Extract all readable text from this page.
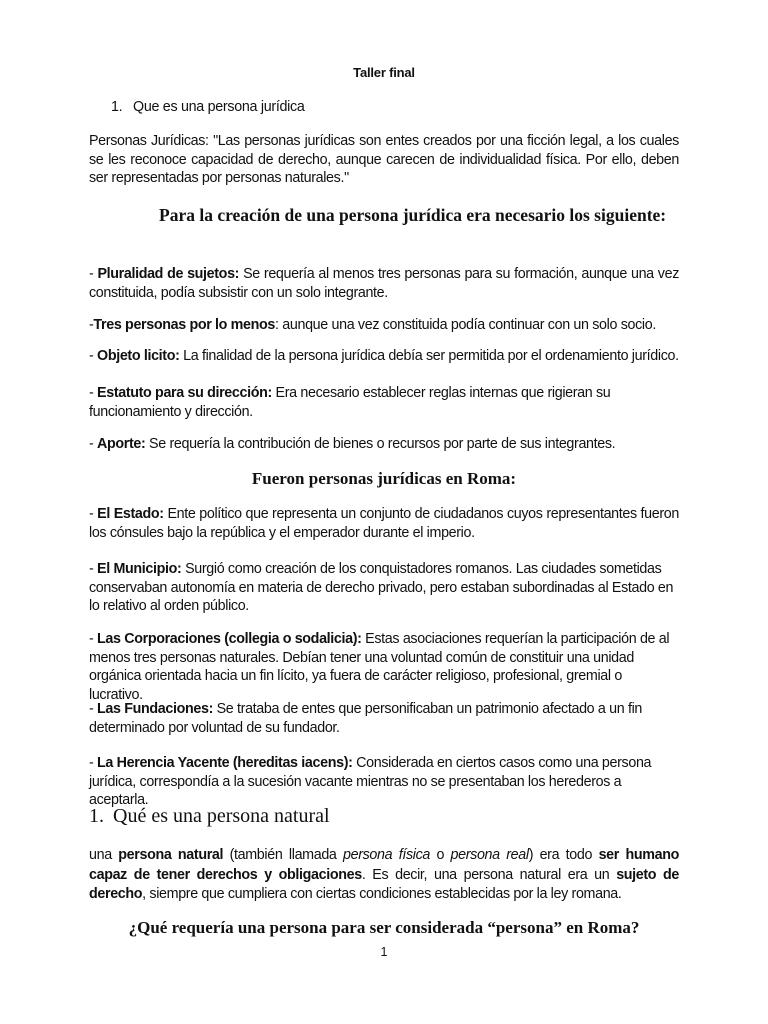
Taller final
1. Que es una persona jurídica
Personas Jurídicas: "Las personas jurídicas son entes creados por una ficción legal, a los cuales se les reconoce capacidad de derecho, aunque carecen de individualidad física. Por ello, deben ser representadas por personas naturales."
Para la creación de una persona jurídica era necesario los siguiente:
- Pluralidad de sujetos: Se requería al menos tres personas para su formación, aunque una vez constituida, podía subsistir con un solo integrante.
-Tres personas por lo menos: aunque una vez constituida podía continuar con un solo socio.
- Objeto licito: La finalidad de la persona jurídica debía ser permitida por el ordenamiento jurídico.
- Estatuto para su dirección: Era necesario establecer reglas internas que rigieran su funcionamiento y dirección.
- Aporte: Se requería la contribución de bienes o recursos por parte de sus integrantes.
Fueron personas jurídicas en Roma:
- El Estado: Ente político que representa un conjunto de ciudadanos cuyos representantes fueron los cónsules bajo la república y el emperador durante el imperio.
- El Municipio: Surgió como creación de los conquistadores romanos. Las ciudades sometidas conservaban autonomía en materia de derecho privado, pero estaban subordinadas al Estado en lo relativo al orden público.
- Las Corporaciones (collegia o sodalicia): Estas asociaciones requerían la participación de al menos tres personas naturales. Debían tener una voluntad común de constituir una unidad orgánica orientada hacia un fin lícito, ya fuera de carácter religioso, profesional, gremial o lucrativo.
- Las Fundaciones: Se trataba de entes que personificaban un patrimonio afectado a un fin determinado por voluntad de su fundador.
- La Herencia Yacente (hereditas iacens): Considerada en ciertos casos como una persona jurídica, correspondía a la sucesión vacante mientras no se presentaban los herederos a aceptarla.
1. Qué es una persona natural
una persona natural (también llamada persona física o persona real) era todo ser humano capaz de tener derechos y obligaciones. Es decir, una persona natural era un sujeto de derecho, siempre que cumpliera con ciertas condiciones establecidas por la ley romana.
¿Qué requería una persona para ser considerada “persona” en Roma?
1
